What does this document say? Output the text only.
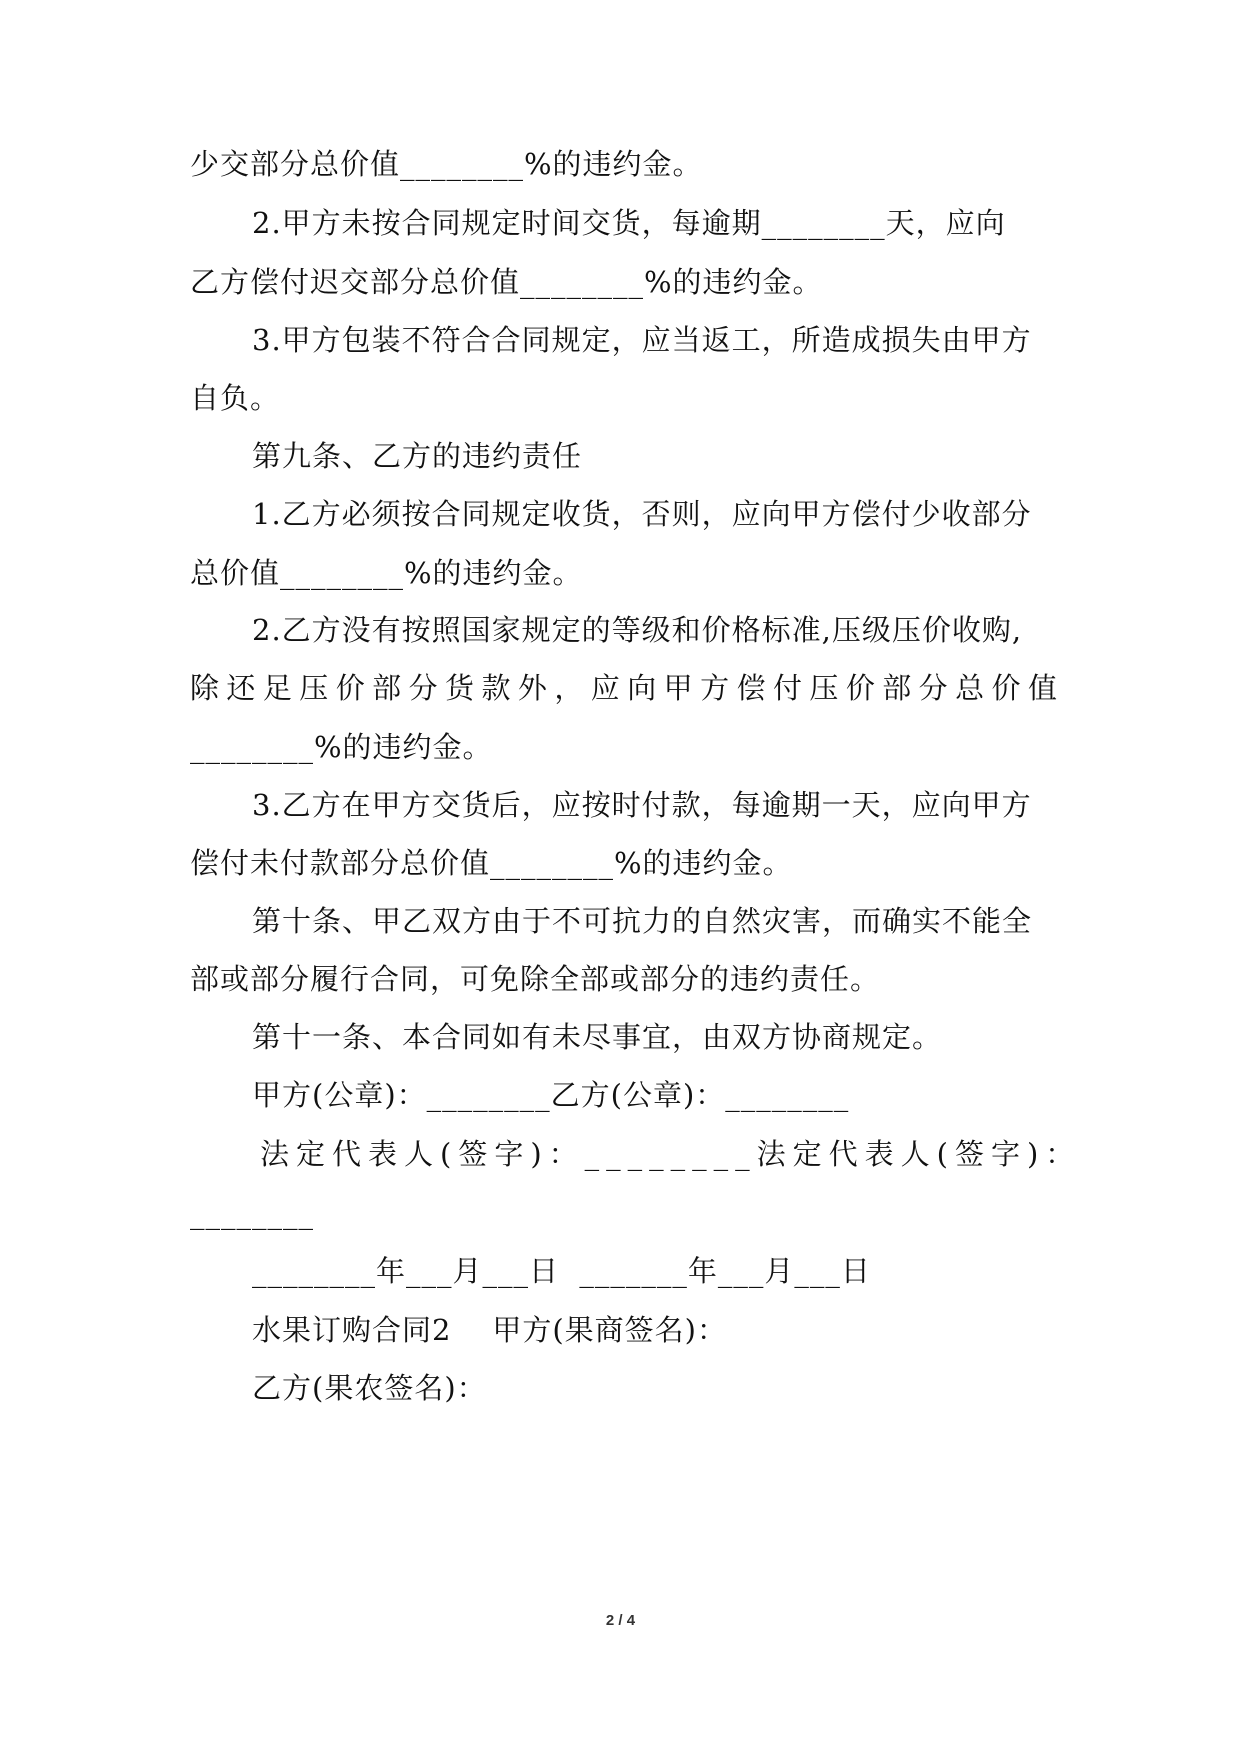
少交部分总价值________%的违约金。
2.甲方未按合同规定时间交货，每逾期________天，应向
乙方偿付迟交部分总价值________%的违约金。
3.甲方包装不符合合同规定，应当返工，所造成损失由甲方
自负。
第九条、乙方的违约责任
1.乙方必须按合同规定收货，否则，应向甲方偿付少收部分
总价值________%的违约金。
2.乙方没有按照国家规定的等级和价格标准,压级压价收购,
除还足压价部分货款外，应向甲方偿付压价部分总价值
________%的违约金。
3.乙方在甲方交货后，应按时付款，每逾期一天，应向甲方
偿付未付款部分总价值________%的违约金。
第十条、甲乙双方由于不可抗力的自然灾害，而确实不能全
部或部分履行合同，可免除全部或部分的违约责任。
第十一条、本合同如有未尽事宜，由双方协商规定。
甲方(公章)：________乙方(公章)：________
法定代表人(签字)：________法定代表人(签字)：
________
________年___月___日  _______年___月___日
水果订购合同2    甲方(果商签名)：
乙方(果农签名)：
2 / 4
